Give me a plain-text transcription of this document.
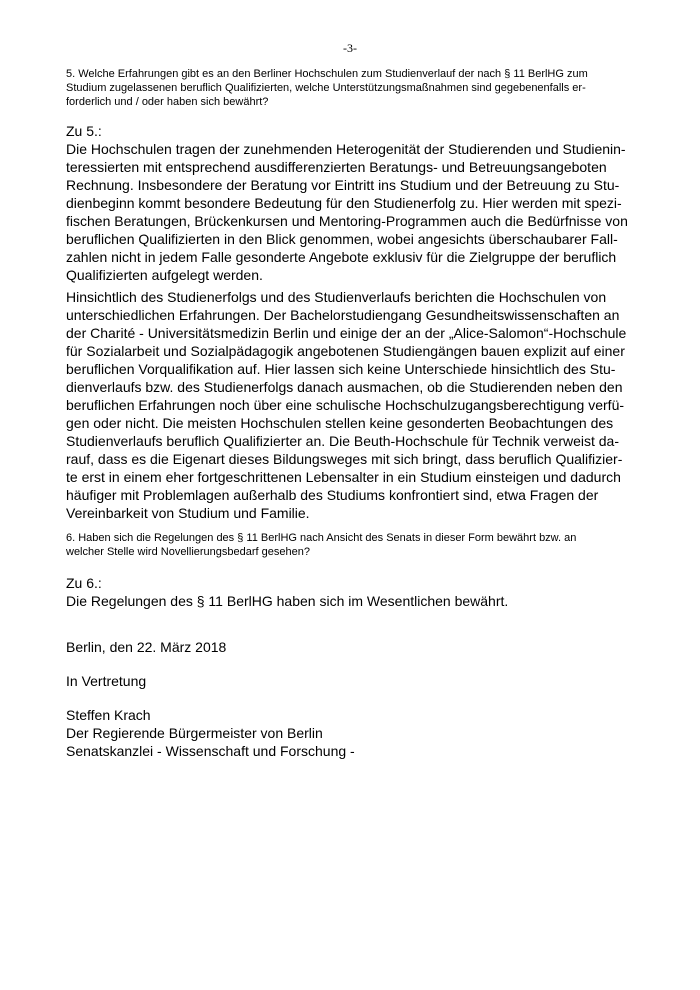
-3-
5. Welche Erfahrungen gibt es an den Berliner Hochschulen zum Studienverlauf der nach § 11 BerlHG zum
Studium zugelassenen beruflich Qualifizierten, welche Unterstützungsmaßnahmen sind gegebenenfalls er-
forderlich und / oder haben sich bewährt?
Zu 5.:
Die Hochschulen tragen der zunehmenden Heterogenität der Studierenden und Studienin-
teressierten mit entsprechend ausdifferenzierten Beratungs- und Betreuungsangeboten
Rechnung. Insbesondere der Beratung vor Eintritt ins Studium und der Betreuung zu Stu-
dienbeginn kommt besondere Bedeutung für den Studienerfolg zu. Hier werden mit spezi-
fischen Beratungen, Brückenkursen und Mentoring-Programmen auch die Bedürfnisse von
beruflichen Qualifizierten in den Blick genommen, wobei angesichts überschaubarer Fall-
zahlen nicht in jedem Falle gesonderte Angebote exklusiv für die Zielgruppe der beruflich
Qualifizierten aufgelegt werden.
Hinsichtlich des Studienerfolgs und des Studienverlaufs berichten die Hochschulen von
unterschiedlichen Erfahrungen. Der Bachelorstudiengang Gesundheitswissenschaften an
der Charité - Universitätsmedizin Berlin und einige der an der „Alice-Salomon“-Hochschule
für Sozialarbeit und Sozialpädagogik angebotenen Studiengängen bauen explizit auf einer
beruflichen Vorqualifikation auf. Hier lassen sich keine Unterschiede hinsichtlich des Stu-
dienverlaufs bzw. des Studienerfolgs danach ausmachen, ob die Studierenden neben den
beruflichen Erfahrungen noch über eine schulische Hochschulzugangsberechtigung verfü-
gen oder nicht. Die meisten Hochschulen stellen keine gesonderten Beobachtungen des
Studienverlaufs beruflich Qualifizierter an. Die Beuth-Hochschule für Technik verweist da-
rauf, dass es die Eigenart dieses Bildungsweges mit sich bringt, dass beruflich Qualifizier-
te erst in einem eher fortgeschrittenen Lebensalter in ein Studium einsteigen und dadurch
häufiger mit Problemlagen außerhalb des Studiums konfrontiert sind, etwa Fragen der
Vereinbarkeit von Studium und Familie.
6. Haben sich die Regelungen des § 11 BerlHG nach Ansicht des Senats in dieser Form bewährt bzw. an
welcher Stelle wird Novellierungsbedarf gesehen?
Zu 6.:
Die Regelungen des § 11 BerlHG haben sich im Wesentlichen bewährt.
Berlin, den 22. März 2018
In Vertretung
Steffen Krach
Der Regierende Bürgermeister von Berlin
Senatskanzlei - Wissenschaft und Forschung -
